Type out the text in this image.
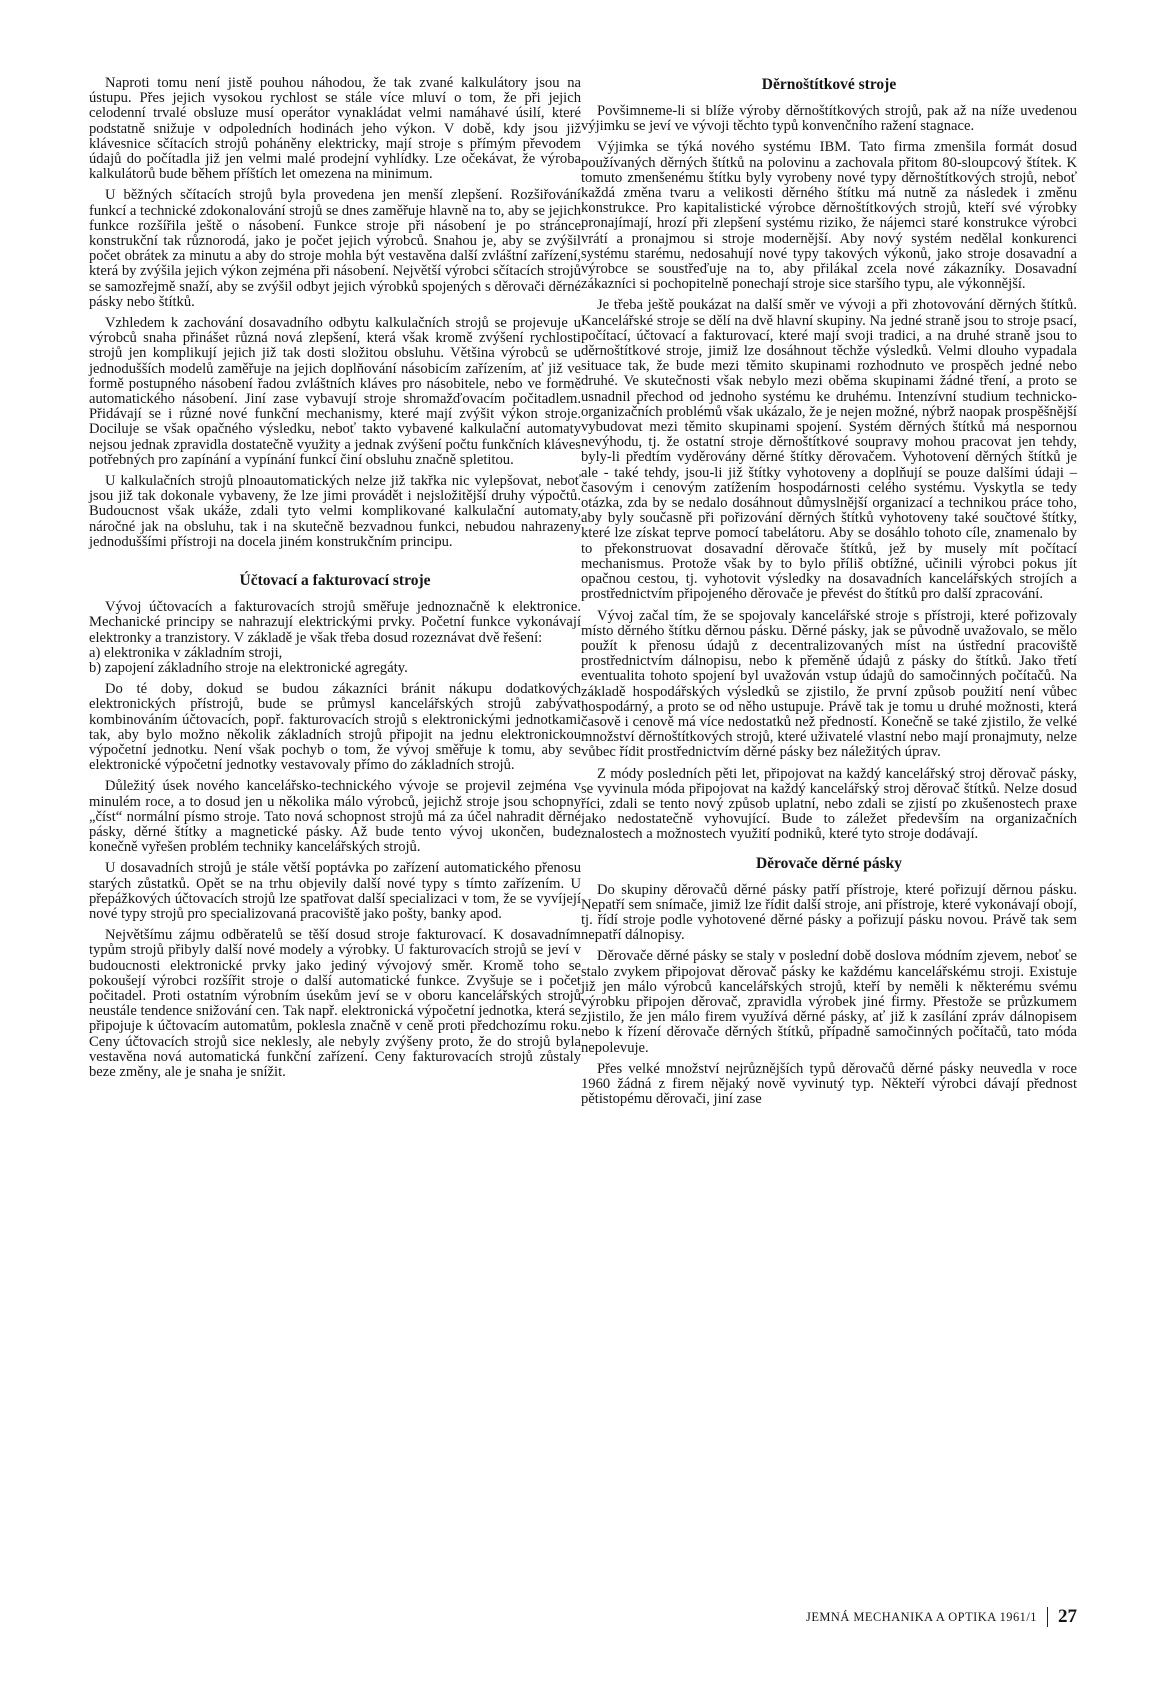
Naproti tomu není jistě pouhou náhodou, že tak zvané kalkulátory jsou na ústupu. Přes jejich vysokou rychlost se stále více mluví o tom, že při jejich celodenní trvalé obsluze musí operátor vynakládat velmi namáhavé úsilí, které podstatně snižuje v odpoledních hodinách jeho výkon. V době, kdy jsou již klávesnice sčítacích strojů poháněny elektricky, mají stroje s přímým převodem údajů do počítadla již jen velmi malé prodejní vyhlídky. Lze očekávat, že výroba kalkulátorů bude během příštích let omezena na minimum.

U běžných sčítacích strojů byla provedena jen menší zlepšení. Rozšiřování funkcí a technické zdokonalování strojů se dnes zaměřuje hlavně na to, aby se jejich funkce rozšířila ještě o násobení. Funkce stroje při násobení je po stránce konstrukční tak různorodá, jako je počet jejich výrobců. Snahou je, aby se zvýšil počet obrátek za minutu a aby do stroje mohla být vestavěna další zvláštní zařízení, která by zvýšila jejich výkon zejména při násobení. Největší výrobci sčítacích strojů se samozřejmě snaží, aby se zvýšil odbyt jejich výrobků spojených s děrovači děrné pásky nebo štítků.

Vzhledem k zachování dosavadního odbytu kalkulačních strojů se projevuje u výrobců snaha přinášet různá nová zlepšení, která však kromě zvýšení rychlosti strojů jen komplikují jejich již tak dosti složitou obsluhu. Většina výrobců se u jednodušších modelů zaměřuje na jejich doplňování násobicím zařízením, ať již ve formě postupného násobení řadou zvláštních kláves pro násobitele, nebo ve formě automatického násobení. Jiní zase vybavují stroje shromažďovacím počitadlem. Přidávají se i různé nové funkční mechanismy, které mají zvýšit výkon stroje. Dociluje se však opačného výsledku, neboť takto vybavené kalkulační automaty nejsou jednak zpravidla dostatečně využity a jednak zvýšení počtu funkčních kláves potřebných pro zapínání a vypínání funkcí činí obsluhu značně spletitou.

U kalkulačních strojů plnoautomatických nelze již takřka nic vylepšovat, neboť jsou již tak dokonale vybaveny, že lze jimi provádět i nejsložitější druhy výpočtů. Budoucnost však ukáže, zdali tyto velmi komplikované kalkulační automaty, náročné jak na obsluhu, tak i na skutečně bezvadnou funkci, nebudou nahrazeny jednoduššími přístroji na docela jiném konstrukčním principu.

Účtovací a fakturovací stroje

Vývoj účtovacích a fakturovacích strojů směřuje jednoznačně k elektronice. Mechanické principy se nahrazují elektrickými prvky. Početní funkce vykonávají elektronky a tranzistory. V základě je však třeba dosud rozeznávat dvě řešení:

a) elektronika v základním stroji,

b) zapojení základního stroje na elektronické agregáty.

Do té doby, dokud se budou zákazníci bránit nákupu dodatkových elektronických přístrojů, bude se průmysl kancelářských strojů zabývat kombinováním účtovacích, popř. fakturovacích strojů s elektronickými jednotkami tak, aby bylo možno několik základních strojů připojit na jednu elektronickou výpočetní jednotku. Není však pochyb o tom, že vývoj směřuje k tomu, aby se elektronické výpočetní jednotky vestavovaly přímo do základních strojů.

Důležitý úsek nového kancelářsko-technického vývoje se projevil zejména v minulém roce, a to dosud jen u několika málo výrobců, jejichž stroje jsou schopny „číst“ normální písmo stroje. Tato nová schopnost strojů má za účel nahradit děrné pásky, děrné štítky a magnetické pásky. Až bude tento vývoj ukončen, bude konečně vyřešen problém techniky kancelářských strojů.

U dosavadních strojů je stále větší poptávka po zařízení automatického přenosu starých zůstatků. Opět se na trhu objevily další nové typy s tímto zařízením. U přepážkových účtovacích strojů lze spatřovat další specializaci v tom, že se vyvíjejí nové typy strojů pro specializovaná pracoviště jako pošty, banky apod.

Největšímu zájmu odběratelů se těší dosud stroje fakturovací. K dosavadním typům strojů přibyly další nové modely a výrobky. U fakturovacích strojů se jeví v budoucnosti elektronické prvky jako jediný vývojový směr. Kromě toho se pokoušejí výrobci rozšířit stroje o další automatické funkce. Zvyšuje se i počet počitadel. Proti ostatním výrobním úsekům jeví se v oboru kancelářských strojů neustále tendence snižování cen. Tak např. elektronická výpočetní jednotka, která se připojuje k účtovacím automatům, poklesla značně v ceně proti předchozímu roku. Ceny účtovacích strojů sice neklesly, ale nebyly zvýšeny proto, že do strojů byla vestavěna nová automatická funkční zařízení. Ceny fakturovacích strojů zůstaly beze změny, ale je snaha je snížit.

Děrnoštítkové stroje

Povšimneme-li si blíže výroby děrnoštítkových strojů, pak až na níže uvedenou výjimku se jeví ve vývoji těchto typů konvenčního ražení stagnace.

Výjimka se týká nového systému IBM. Tato firma zmenšila formát dosud používaných děrných štítků na polovinu a zachovala přitom 80-sloupcový štítek. K tomuto zmenšenému štítku byly vyrobeny nové typy děrnoštítkových strojů, neboť každá změna tvaru a velikosti děrného štítku má nutně za následek i změnu konstrukce. Pro kapitalistické výrobce děrnoštítkových strojů, kteří své výrobky pronajímají, hrozí při zlepšení systému riziko, že nájemci staré konstrukce výrobci vrátí a pronajmou si stroje modernější. Aby nový systém nedělal konkurenci systému starému, nedosahují nové typy takových výkonů, jako stroje dosavadní a výrobce se soustřeďuje na to, aby přilákal zcela nové zákazníky. Dosavadní zákazníci si pochopitelně ponechají stroje sice staršího typu, ale výkonnější.

Je třeba ještě poukázat na další směr ve vývoji a při zhotovování děrných štítků. Kancelářské stroje se dělí na dvě hlavní skupiny. Na jedné straně jsou to stroje psací, počítací, účtovací a fakturovací, které mají svoji tradici, a na druhé straně jsou to děrnoštítkové stroje, jimiž lze dosáhnout těchže výsledků. Velmi dlouho vypadala situace tak, že bude mezi těmito skupinami rozhodnuto ve prospěch jedné nebo druhé. Ve skutečnosti však nebylo mezi oběma skupinami žádné tření, a proto se usnadnil přechod od jednoho systému ke druhému. Intenzívní studium technicko-organizačních problémů však ukázalo, že je nejen možné, nýbrž naopak prospěšnější vybudovat mezi těmito skupinami spojení. Systém děrných štítků má nespornou nevýhodu, tj. že ostatní stroje děrnoštítkové soupravy mohou pracovat jen tehdy, byly-li předtím vyděrovány děrné štítky děrovačem. Vyhotovení děrných štítků je ale - také tehdy, jsou-li již štítky vyhotoveny a doplňují se pouze dalšími údaji – časovým i cenovým zatížením hospodárnosti celého systému. Vyskytla se tedy otázka, zda by se nedalo dosáhnout důmyslnější organizací a technikou práce toho, aby byly současně při pořizování děrných štítků vyhotoveny také součtové štítky, které lze získat teprve pomocí tabelátoru. Aby se dosáhlo tohoto cíle, znamenalo by to překonstruovat dosavadní děrovače štítků, jež by musely mít počítací mechanismus. Protože však by to bylo příliš obtížné, učinili výrobci pokus jít opačnou cestou, tj. vyhotovit výsledky na dosavadních kancelářských strojích a prostřednictvím připojeného děrovače je převést do štítků pro další zpracování.

Vývoj začal tím, že se spojovaly kancelářské stroje s přístroji, které pořizovaly místo děrného štítku děrnou pásku. Děrné pásky, jak se původně uvažovalo, se mělo použít k přenosu údajů z decentralizovaných míst na ústřední pracoviště prostřednictvím dálnopisu, nebo k přeměně údajů z pásky do štítků. Jako třetí eventualita tohoto spojení byl uvažován vstup údajů do samočinných počítačů. Na základě hospodářských výsledků se zjistilo, že první způsob použití není vůbec hospodárný, a proto se od něho ustupuje. Právě tak je tomu u druhé možnosti, která časově i cenově má více nedostatků než předností. Konečně se také zjistilo, že velké množství děrnoštítkových strojů, které uživatelé vlastní nebo mají pronajmuty, nelze vůbec řídit prostřednictvím děrné pásky bez náležitých úprav.

Z módy posledních pěti let, připojovat na každý kancelářský stroj děrovač pásky, se vyvinula móda připojovat na každý kancelářský stroj děrovač štítků. Nelze dosud říci, zdali se tento nový způsob uplatní, nebo zdali se zjistí po zkušenostech praxe jako nedostatečně vyhovující. Bude to záležet především na organizačních znalostech a možnostech využití podniků, které tyto stroje dodávají.

Děrovače děrné pásky

Do skupiny děrovačů děrné pásky patří přístroje, které pořizují děrnou pásku. Nepatří sem snímače, jimiž lze řídit další stroje, ani přístroje, které vykonávají obojí, tj. řídí stroje podle vyhotovené děrné pásky a pořizují pásku novou. Právě tak sem nepatří dálnopisy.

Děrovače děrné pásky se staly v poslední době doslova módním zjevem, neboť se stalo zvykem připojovat děrovač pásky ke každému kancelářskému stroji. Existuje již jen málo výrobců kancelářských strojů, kteří by neměli k některému svému výrobku připojen děrovač, zpravidla výrobek jiné firmy. Přestože se průzkumem zjistilo, že jen málo firem využívá děrné pásky, ať již k zasílání zpráv dálnopisem nebo k řízení děrovače děrných štítků, případně samočinných počítačů, tato móda nepolevuje.

Přes velké množství nejrůznějších typů děrovačů děrné pásky neuvedla v roce 1960 žádná z firem nějaký nově vyvinutý typ. Někteří výrobci dávají přednost pětistopému děrovači, jiní zase

JEMNÁ MECHANIKA A OPTIKA 1961/1 27
